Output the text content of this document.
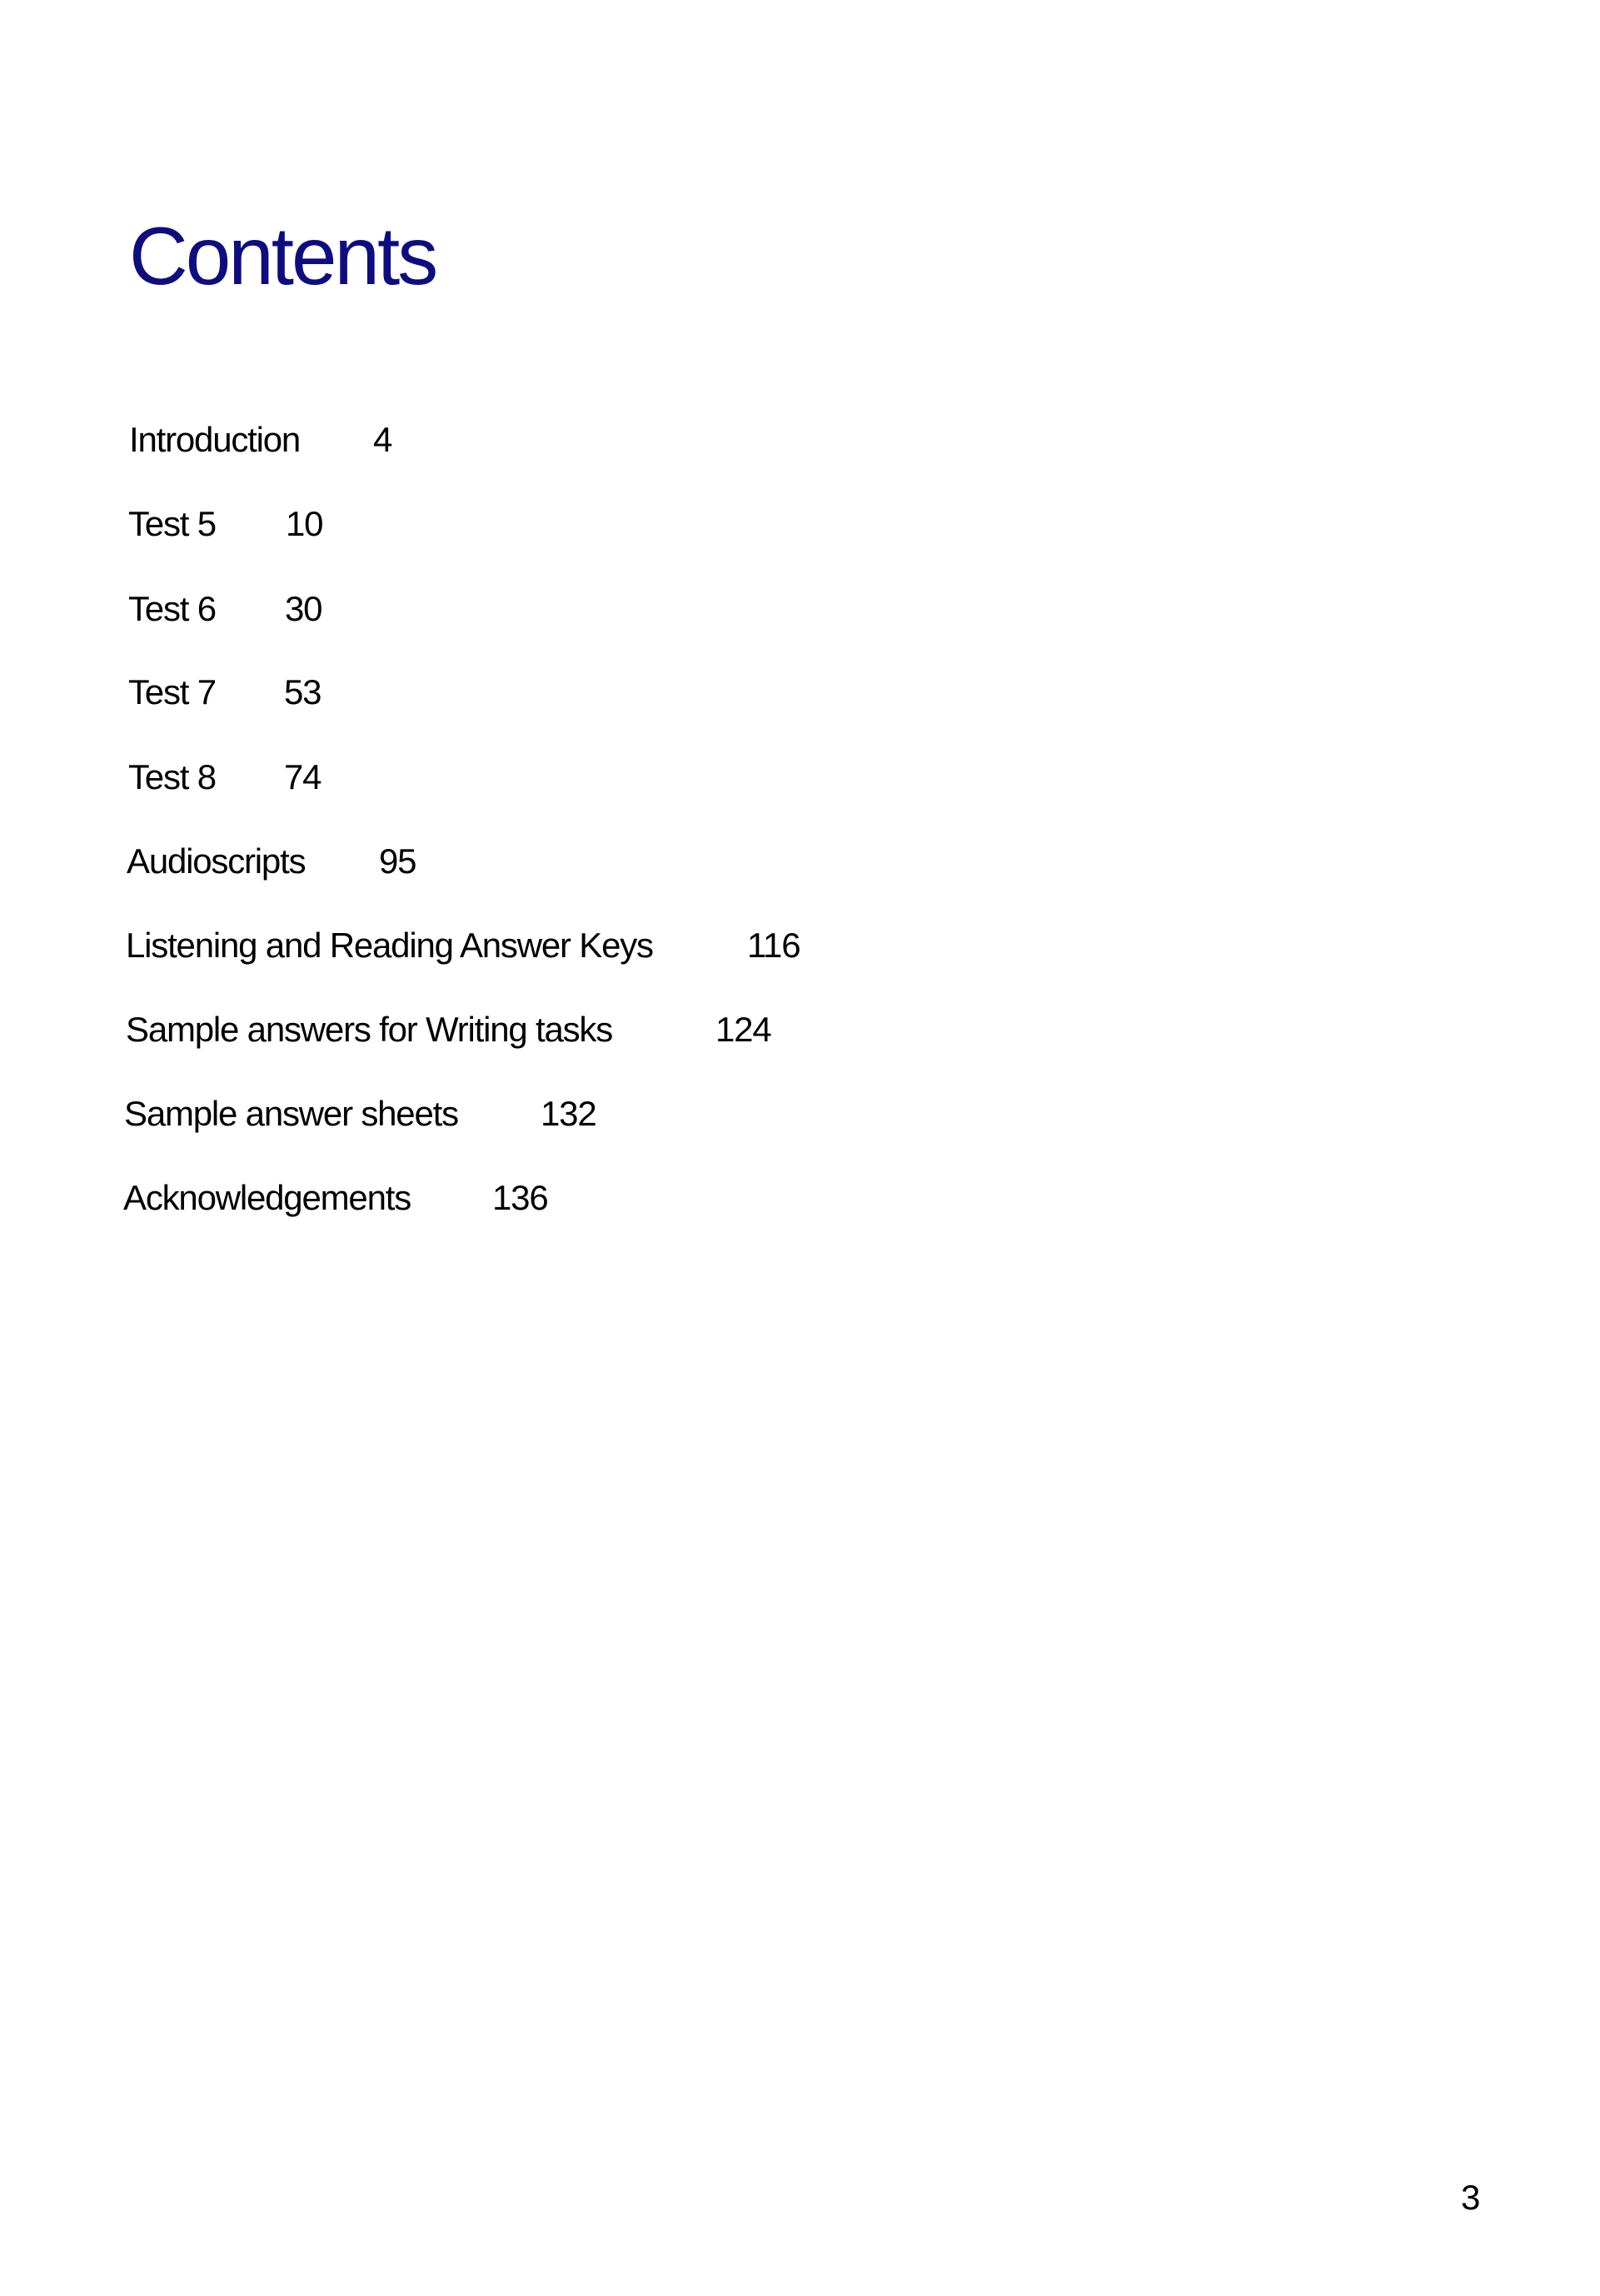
Contents
Introduction 4
Test 5 10
Test 6 30
Test 7 53
Test 8 74
Audioscripts 95
Listening and Reading Answer Keys	116
Sample answers for Writing tasks	124
Sample answer sheets 132
Acknowledgements 136
3
